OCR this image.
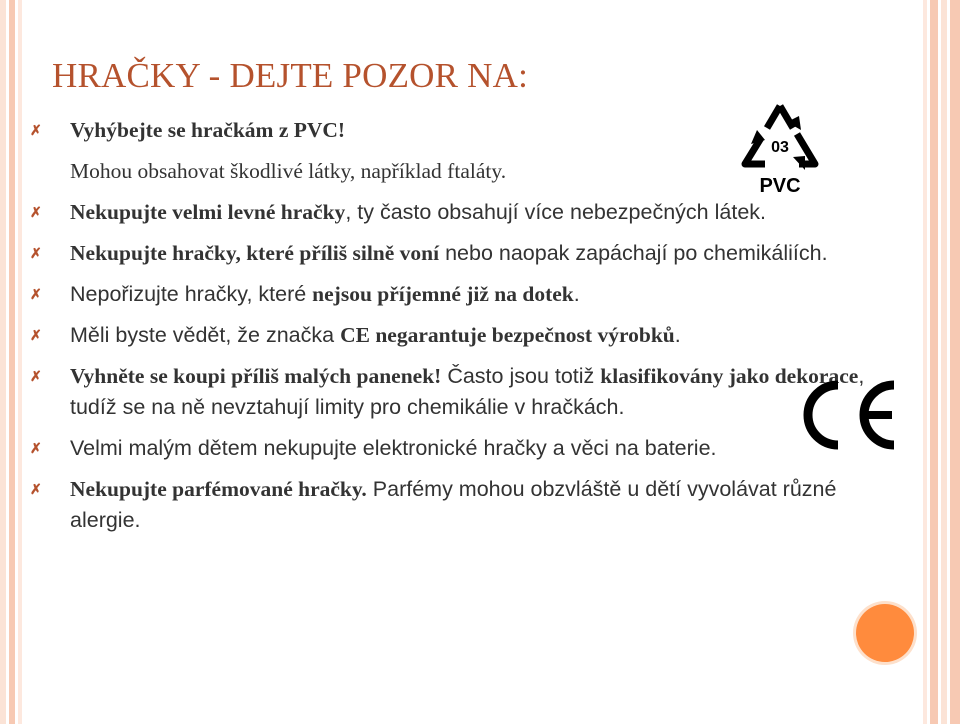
HRAČKY - DEJTE POZOR NA:
✗ Vyhýbejte se hračkám z PVC!
Mohou obsahovat škodlivé látky, například ftaláty.
✗ Nekupujte velmi levné hračky, ty často obsahují více nebezpečných látek.
✗ Nekupujte hračky, které příliš silně voní nebo naopak zapáchají po chemikáliích.
✗ Nepořizujte hračky, které nejsou příjemné již na dotek.
✗ Měli byste vědět, že značka CE negarantuje bezpečnost výrobků.
✗ Vyhněte se koupi příliš malých panenek! Často jsou totiž klasifikovány jako dekorace, tudíž se na ně nevztahují limity pro chemikálie v hračkách.
✗ Velmi malým dětem nekupujte elektronické hračky a věci na baterie.
✗ Nekupujte parfémované hračky. Parfémy mohou obzvláště u dětí vyvolávat různé alergie.
03
PVC
